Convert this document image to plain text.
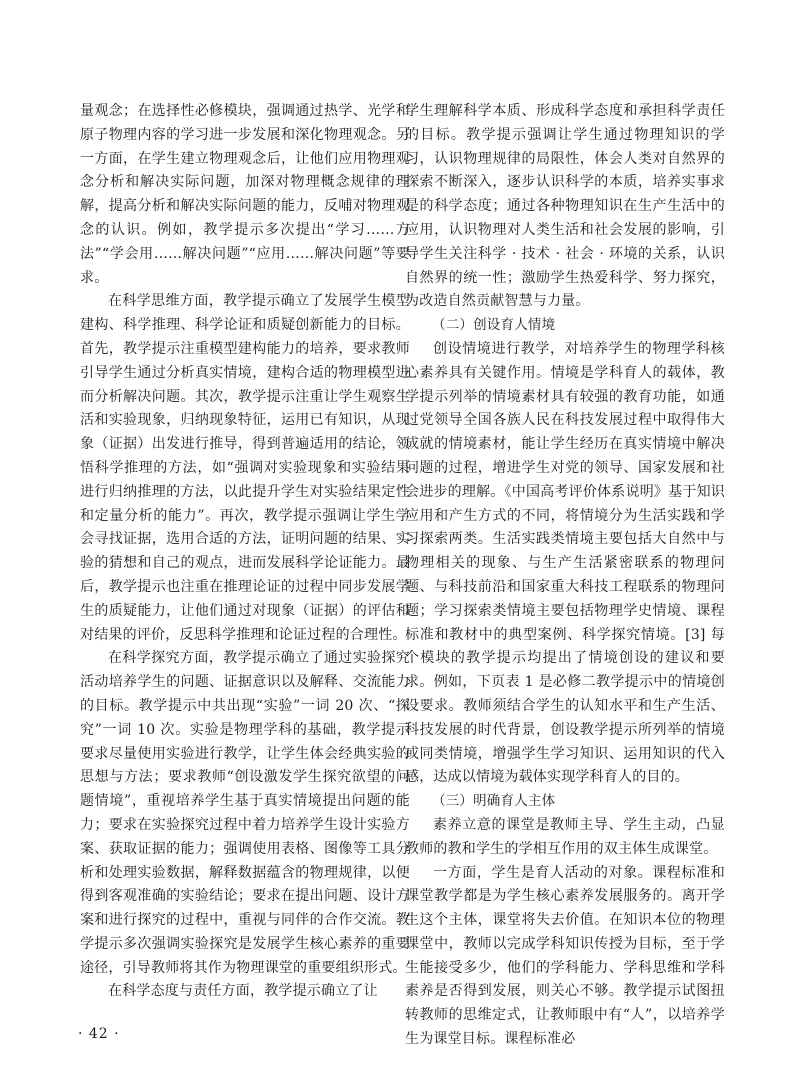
量观念；在选择性必修模块，强调通过热学、光学和原子物理内容的学习进一步发展和深化物理观念。另一方面，在学生建立物理观念后，让他们应用物理观念分析和解决实际问题，加深对物理概念规律的理解，提高分析和解决实际问题的能力，反哺对物理观念的认识。例如，教学提示多次提出“学习……方法”“学会用……解决问题”“应用……解决问题”等要求。

在科学思维方面，教学提示确立了发展学生模型建构、科学推理、科学论证和质疑创新能力的目标。首先，教学提示注重模型建构能力的培养，要求教师引导学生通过分析真实情境，建构合适的物理模型进而分析解决问题。其次，教学提示注重让学生观察生活和实验现象，归纳现象特征，运用已有知识，从现象（证据）出发进行推导，得到普遍适用的结论，领悟科学推理的方法，如“强调对实验现象和实验结果进行归纳推理的方法，以此提升学生对实验结果定性和定量分析的能力”。再次，教学提示强调让学生学会寻找证据，选用合适的方法，证明问题的结果、实验的猜想和自己的观点，进而发展科学论证能力。最后，教学提示也注重在推理论证的过程中同步发展学生的质疑能力，让他们通过对现象（证据）的评估和对结果的评价，反思科学推理和论证过程的合理性。

在科学探究方面，教学提示确立了通过实验探究活动培养学生的问题、证据意识以及解释、交流能力的目标。教学提示中共出现“实验”一词 20 次、“探究”一词 10 次。实验是物理学科的基础，教学提示要求尽量使用实验进行教学，让学生体会经典实验的思想与方法；要求教师“创设激发学生探究欲望的问题情境”，重视培养学生基于真实情境提出问题的能力；要求在实验探究过程中着力培养学生设计实验方案、获取证据的能力；强调使用表格、图像等工具分析和处理实验数据，解释数据蕴含的物理规律，以便得到客观准确的实验结论；要求在提出问题、设计方案和进行探究的过程中，重视与同伴的合作交流。教学提示多次强调实验探究是发展学生核心素养的重要途径，引导教师将其作为物理课堂的重要组织形式。

在科学态度与责任方面，教学提示确立了让

学生理解科学本质、形成科学态度和承担科学责任的目标。教学提示强调让学生通过物理知识的学习，认识物理规律的局限性，体会人类对自然界的探索不断深入，逐步认识科学的本质，培养实事求是的科学态度；通过各种物理知识在生产生活中的应用，认识物理对人类生活和社会发展的影响，引导学生关注科学 · 技术 · 社会 · 环境的关系，认识自然界的统一性；激励学生热爱科学、努力探究，为改造自然贡献智慧与力量。

（二）创设育人情境

创设情境进行教学，对培养学生的物理学科核心素养具有关键作用。情境是学科育人的载体，教学提示列举的情境素材具有较强的教育功能，如通过党领导全国各族人民在科技发展过程中取得伟大成就的情境素材，能让学生经历在真实情境中解决问题的过程，增进学生对党的领导、国家发展和社会进步的理解。《中国高考评价体系说明》基于知识应用和产生方式的不同，将情境分为生活实践和学习探索两类。生活实践类情境主要包括大自然中与物理相关的现象、与生产生活紧密联系的物理问题、与科技前沿和国家重大科技工程联系的物理问题；学习探索类情境主要包括物理学史情境、课程标准和教材中的典型案例、科学探究情境。[3] 每个模块的教学提示均提出了情境创设的建议和要求。例如，下页表 1 是必修二教学提示中的情境创设要求。教师须结合学生的认知水平和生产生活、科技发展的时代背景，创设教学提示所列举的情境或同类情境，增强学生学习知识、运用知识的代入感，达成以情境为载体实现学科育人的目的。

（三）明确育人主体

素养立意的课堂是教师主导、学生主动，凸显教师的教和学生的学相互作用的双主体生成课堂。

一方面，学生是育人活动的对象。课程标准和课堂教学都是为学生核心素养发展服务的。离开学生这个主体，课堂将失去价值。在知识本位的物理课堂中，教师以完成学科知识传授为目标，至于学生能接受多少，他们的学科能力、学科思维和学科素养是否得到发展，则关心不够。教学提示试图扭转教师的思维定式，让教师眼中有“人”，以培养学生为课堂目标。课程标准必

· 42 ·
